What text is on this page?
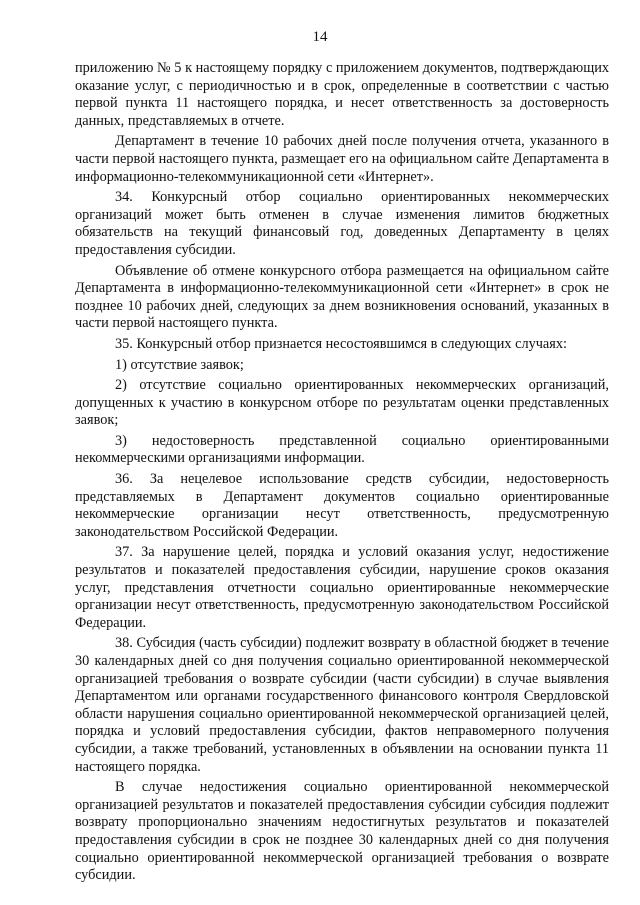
14

приложению № 5 к настоящему порядку с приложением документов, подтверждающих оказание услуг, с периодичностью и в срок, определенные в соответствии с частью первой пункта 11 настоящего порядка, и несет ответственность за достоверность данных, представляемых в отчете.

Департамент в течение 10 рабочих дней после получения отчета, указанного в части первой настоящего пункта, размещает его на официальном сайте Департамента в информационно-телекоммуникационной сети «Интернет».

34. Конкурсный отбор социально ориентированных некоммерческих организаций может быть отменен в случае изменения лимитов бюджетных обязательств на текущий финансовый год, доведенных Департаменту в целях предоставления субсидии.

Объявление об отмене конкурсного отбора размещается на официальном сайте Департамента в информационно-телекоммуникационной сети «Интернет» в срок не позднее 10 рабочих дней, следующих за днем возникновения оснований, указанных в части первой настоящего пункта.

35. Конкурсный отбор признается несостоявшимся в следующих случаях:

1) отсутствие заявок;

2) отсутствие социально ориентированных некоммерческих организаций, допущенных к участию в конкурсном отборе по результатам оценки представленных заявок;

3) недостоверность представленной социально ориентированными некоммерческими организациями информации.

36. За нецелевое использование средств субсидии, недостоверность представляемых в Департамент документов социально ориентированные некоммерческие организации несут ответственность, предусмотренную законодательством Российской Федерации.

37. За нарушение целей, порядка и условий оказания услуг, недостижение результатов и показателей предоставления субсидии, нарушение сроков оказания услуг, представления отчетности социально ориентированные некоммерческие организации несут ответственность, предусмотренную законодательством Российской Федерации.

38. Субсидия (часть субсидии) подлежит возврату в областной бюджет в течение 30 календарных дней со дня получения социально ориентированной некоммерческой организацией требования о возврате субсидии (части субсидии) в случае выявления Департаментом или органами государственного финансового контроля Свердловской области нарушения социально ориентированной некоммерческой организацией целей, порядка и условий предоставления субсидии, фактов неправомерного получения субсидии, а также требований, установленных в объявлении на основании пункта 11 настоящего порядка.

В случае недостижения социально ориентированной некоммерческой организацией результатов и показателей предоставления субсидии субсидия подлежит возврату пропорционально значениям недостигнутых результатов и показателей предоставления субсидии в срок не позднее 30 календарных дней со дня получения социально ориентированной некоммерческой организацией требования о возврате субсидии.
